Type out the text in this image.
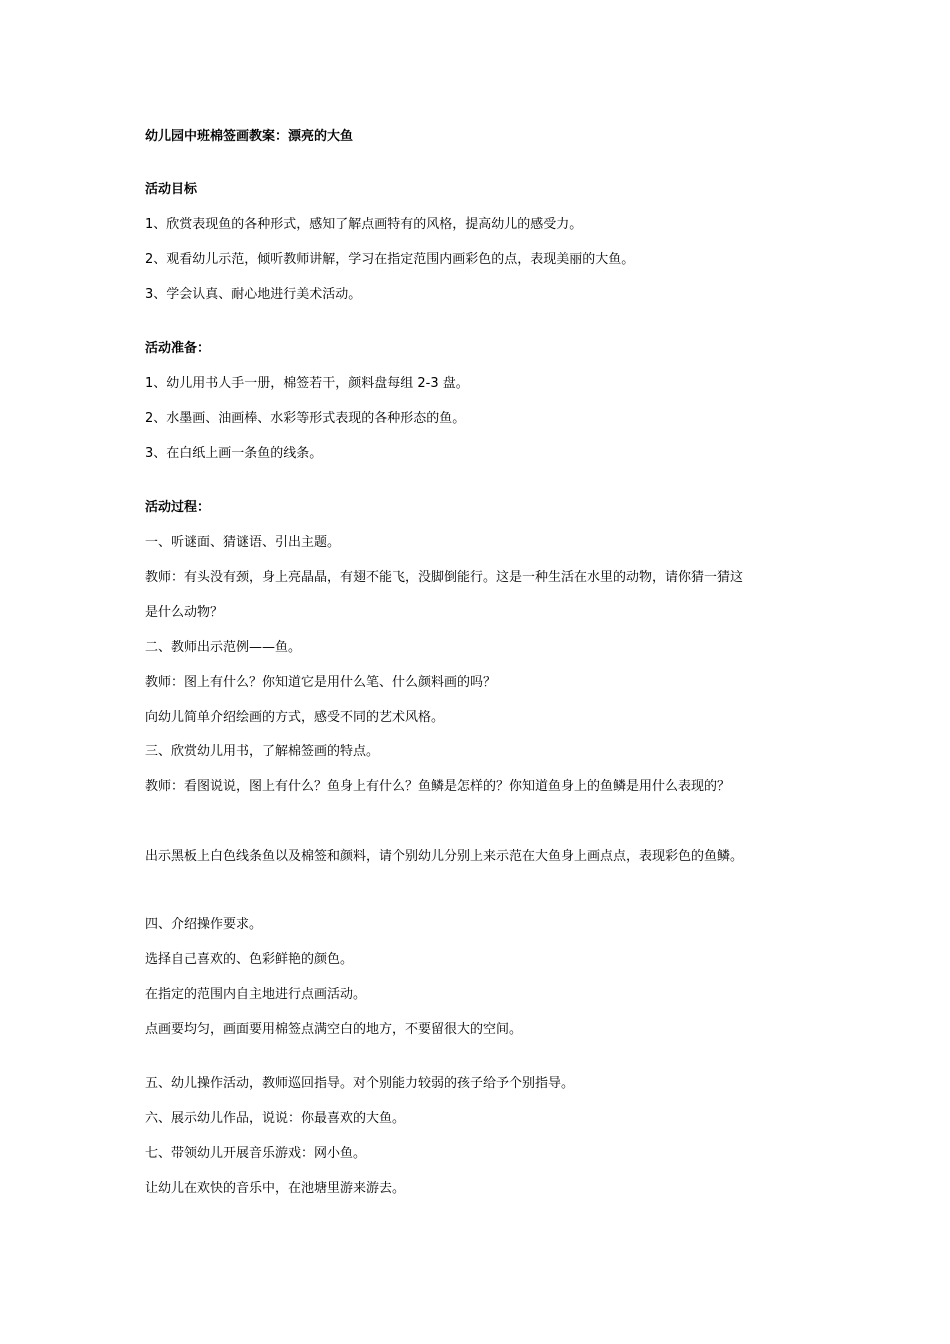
幼儿园中班棉签画教案：漂亮的大鱼
活动目标
1、欣赏表现鱼的各种形式，感知了解点画特有的风格，提高幼儿的感受力。
2、观看幼儿示范，倾听教师讲解，学习在指定范围内画彩色的点，表现美丽的大鱼。
3、学会认真、耐心地进行美术活动。
活动准备：
1、幼儿用书人手一册，棉签若干，颜料盘每组 2-3 盘。
2、水墨画、油画棒、水彩等形式表现的各种形态的鱼。
3、在白纸上画一条鱼的线条。
活动过程：
一、听谜面、猜谜语、引出主题。
教师：有头没有颈，身上亮晶晶，有翅不能飞，没脚倒能行。这是一种生活在水里的动物，请你猜一猜这
是什么动物？
二、教师出示范例——鱼。
教师：图上有什么？你知道它是用什么笔、什么颜料画的吗？
向幼儿简单介绍绘画的方式，感受不同的艺术风格。
三、欣赏幼儿用书，了解棉签画的特点。
教师：看图说说，图上有什么？鱼身上有什么？鱼鳞是怎样的？你知道鱼身上的鱼鳞是用什么表现的？
出示黑板上白色线条鱼以及棉签和颜料，请个别幼儿分别上来示范在大鱼身上画点点，表现彩色的鱼鳞。
四、介绍操作要求。
选择自己喜欢的、色彩鲜艳的颜色。
在指定的范围内自主地进行点画活动。
点画要均匀，画面要用棉签点满空白的地方，不要留很大的空间。
五、幼儿操作活动，教师巡回指导。对个别能力较弱的孩子给予个别指导。
六、展示幼儿作品，说说：你最喜欢的大鱼。
七、带领幼儿开展音乐游戏：网小鱼。
让幼儿在欢快的音乐中，在池塘里游来游去。
